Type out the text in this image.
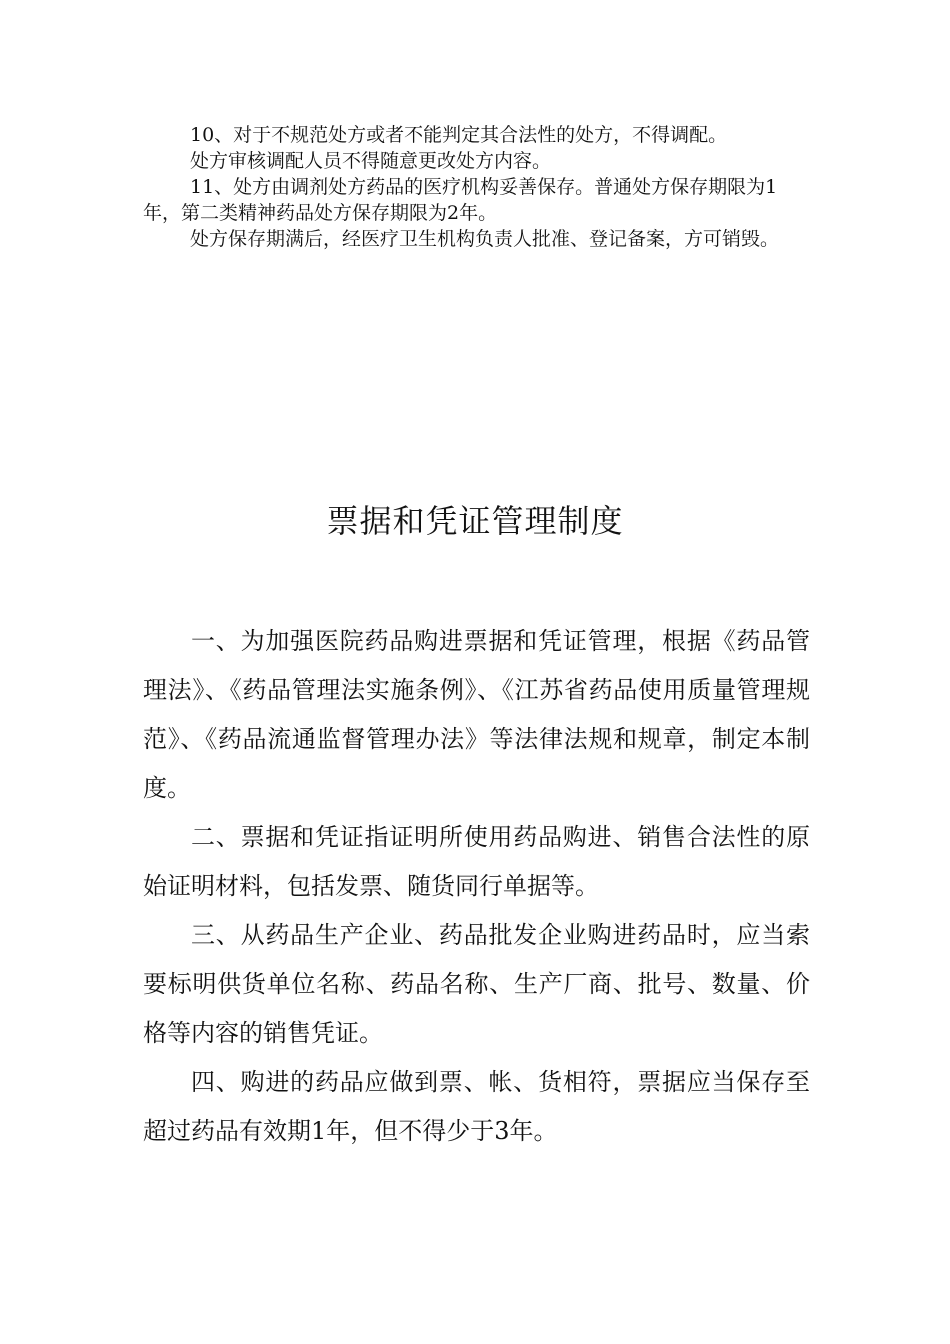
10、对于不规范处方或者不能判定其合法性的处方，不得调配。

处方审核调配人员不得随意更改处方内容。

11、处方由调剂处方药品的医疗机构妥善保存。普通处方保存期限为1年，第二类精神药品处方保存期限为2年。

处方保存期满后，经医疗卫生机构负责人批准、登记备案，方可销毁。

票据和凭证管理制度

一、为加强医院药品购进票据和凭证管理，根据《药品管理法》、《药品管理法实施条例》、《江苏省药品使用质量管理规范》、《药品流通监督管理办法》等法律法规和规章，制定本制度。

二、票据和凭证指证明所使用药品购进、销售合法性的原始证明材料，包括发票、随货同行单据等。

三、从药品生产企业、药品批发企业购进药品时，应当索要标明供货单位名称、药品名称、生产厂商、批号、数量、价格等内容的销售凭证。

四、购进的药品应做到票、帐、货相符，票据应当保存至超过药品有效期1年，但不得少于3年。
